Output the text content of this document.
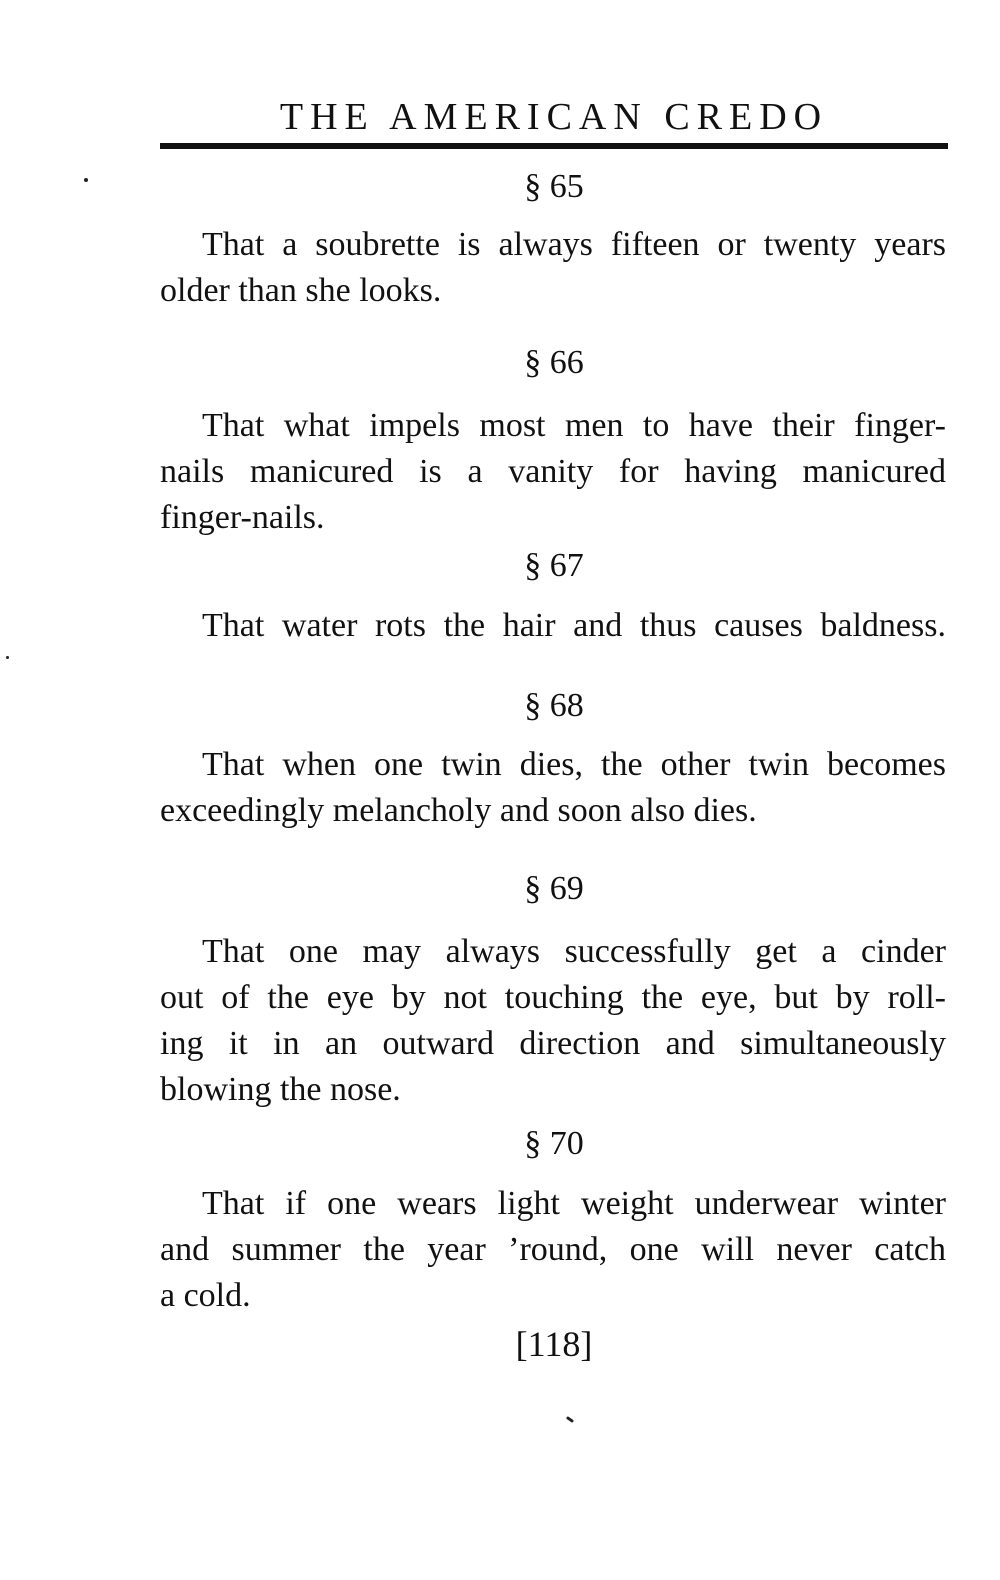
THE AMERICAN CREDO
§ 65

That a soubrette is always fifteen or twenty years
older than she looks.

§ 66

That what impels most men to have their finger-
nails manicured is a vanity for having manicured
finger-nails.

§ 67

That water rots the hair and thus causes baldness.

§ 68

That when one twin dies, the other twin becomes
exceedingly melancholy and soon also dies.

§ 69

That one may always successfully get a cinder
out of the eye by not touching the eye, but by roll-
ing it in an outward direction and simultaneously
blowing the nose.

§ 70

That if one wears light weight underwear winter
and summer the year ’round, one will never catch
a cold.

[118]
